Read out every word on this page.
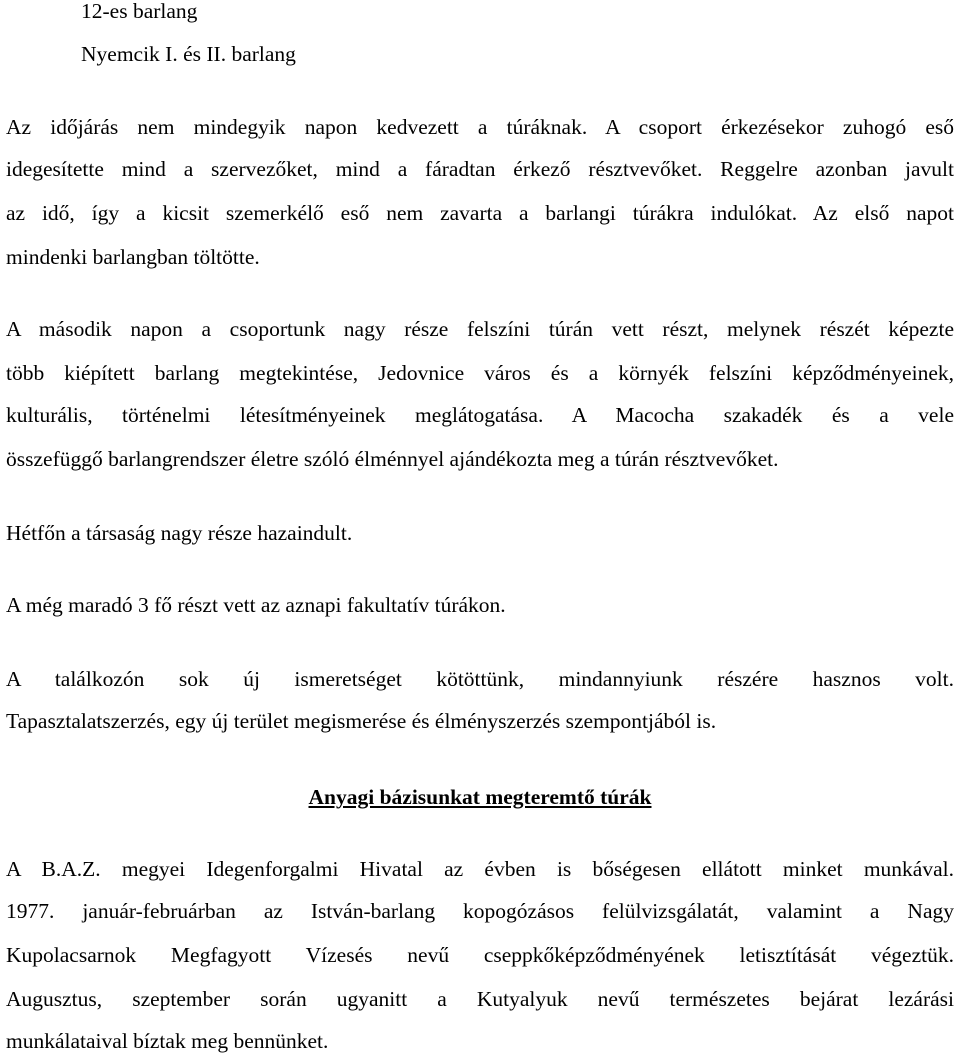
12-es barlang
Nyemcik I. és II. barlang
Az időjárás nem mindegyik napon kedvezett a túráknak. A csoport érkezésekor zuhogó eső
idegesítette mind a szervezőket, mind a fáradtan érkező résztvevőket. Reggelre azonban javult
az idő, így a kicsit szemerkélő eső nem zavarta a barlangi túrákra indulókat. Az első napot
mindenki barlangban töltötte.
A második napon a csoportunk nagy része felszíni túrán vett részt, melynek részét képezte
több kiépített barlang megtekintése, Jedovnice város és a környék felszíni képződményeinek,
kulturális, történelmi létesítményeinek meglátogatása. A Macocha szakadék és a vele
összefüggő barlangrendszer életre szóló élménnyel ajándékozta meg a túrán résztvevőket.
Hétfőn a társaság nagy része hazaindult.
A még maradó 3 fő részt vett az aznapi fakultatív túrákon.
A találkozón sok új ismeretséget kötöttünk, mindannyiunk részére hasznos volt.
Tapasztalatszerzés, egy új terület megismerése és élményszerzés szempontjából is.
Anyagi bázisunkat megteremtő túrák
A B.A.Z. megyei Idegenforgalmi Hivatal az évben is bőségesen ellátott minket munkával.
1977. január-februárban az István-barlang kopogózásos felülvizsgálatát, valamint a Nagy
Kupolacsarnok Megfagyott Vízesés nevű cseppkőképződményének letisztítását végeztük.
Augusztus, szeptember során ugyanitt a Kutyalyuk nevű természetes bejárat lezárási
munkálataival bíztak meg bennünket.
